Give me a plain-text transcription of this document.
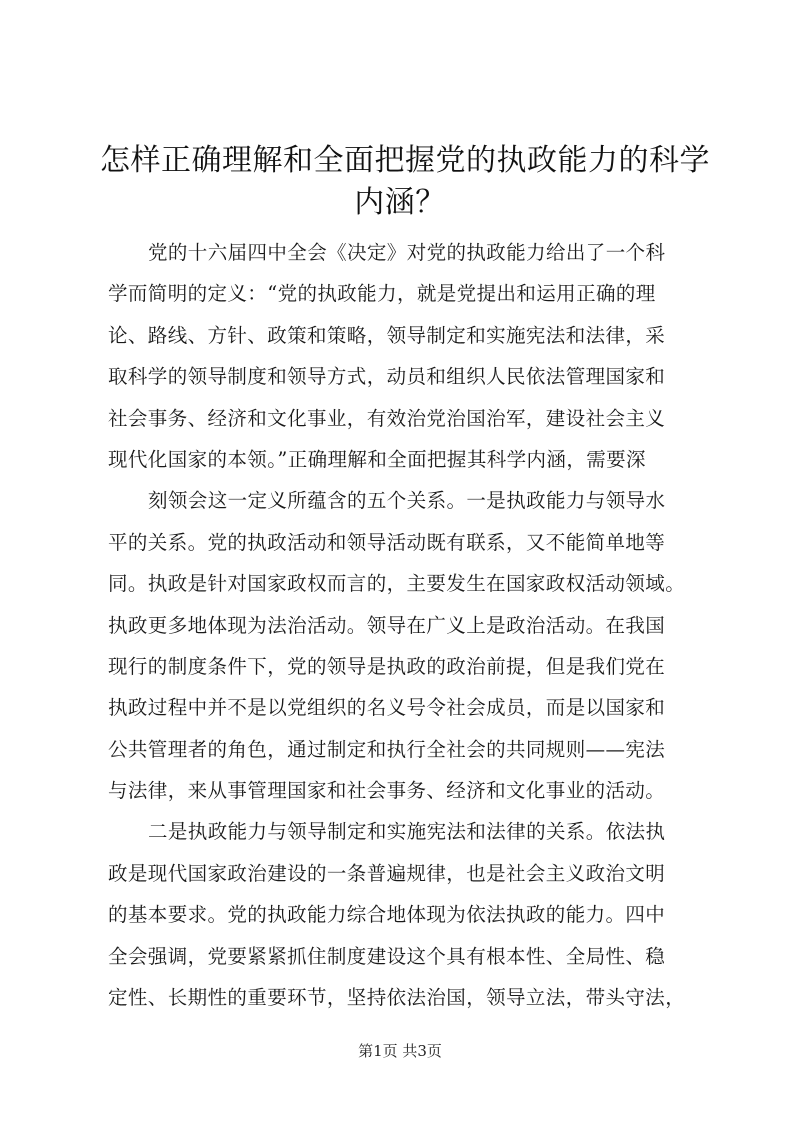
怎样正确理解和全面把握党的执政能力的科学
内涵？

党的十六届四中全会《决定》对党的执政能力给出了一个科
学而简明的定义：“党的执政能力，就是党提出和运用正确的理
论、路线、方针、政策和策略，领导制定和实施宪法和法律，采
取科学的领导制度和领导方式，动员和组织人民依法管理国家和
社会事务、经济和文化事业，有效治党治国治军，建设社会主义
现代化国家的本领。”正确理解和全面把握其科学内涵，需要深

刻领会这一定义所蕴含的五个关系。一是执政能力与领导水
平的关系。党的执政活动和领导活动既有联系，又不能简单地等
同。执政是针对国家政权而言的，主要发生在国家政权活动领域。
执政更多地体现为法治活动。领导在广义上是政治活动。在我国
现行的制度条件下，党的领导是执政的政治前提，但是我们党在
执政过程中并不是以党组织的名义号令社会成员，而是以国家和
公共管理者的角色，通过制定和执行全社会的共同规则——宪法
与法律，来从事管理国家和社会事务、经济和文化事业的活动。

二是执政能力与领导制定和实施宪法和法律的关系。依法执
政是现代国家政治建设的一条普遍规律，也是社会主义政治文明
的基本要求。党的执政能力综合地体现为依法执政的能力。四中
全会强调，党要紧紧抓住制度建设这个具有根本性、全局性、稳
定性、长期性的重要环节，坚持依法治国，领导立法，带头守法，

第1页 共3页
